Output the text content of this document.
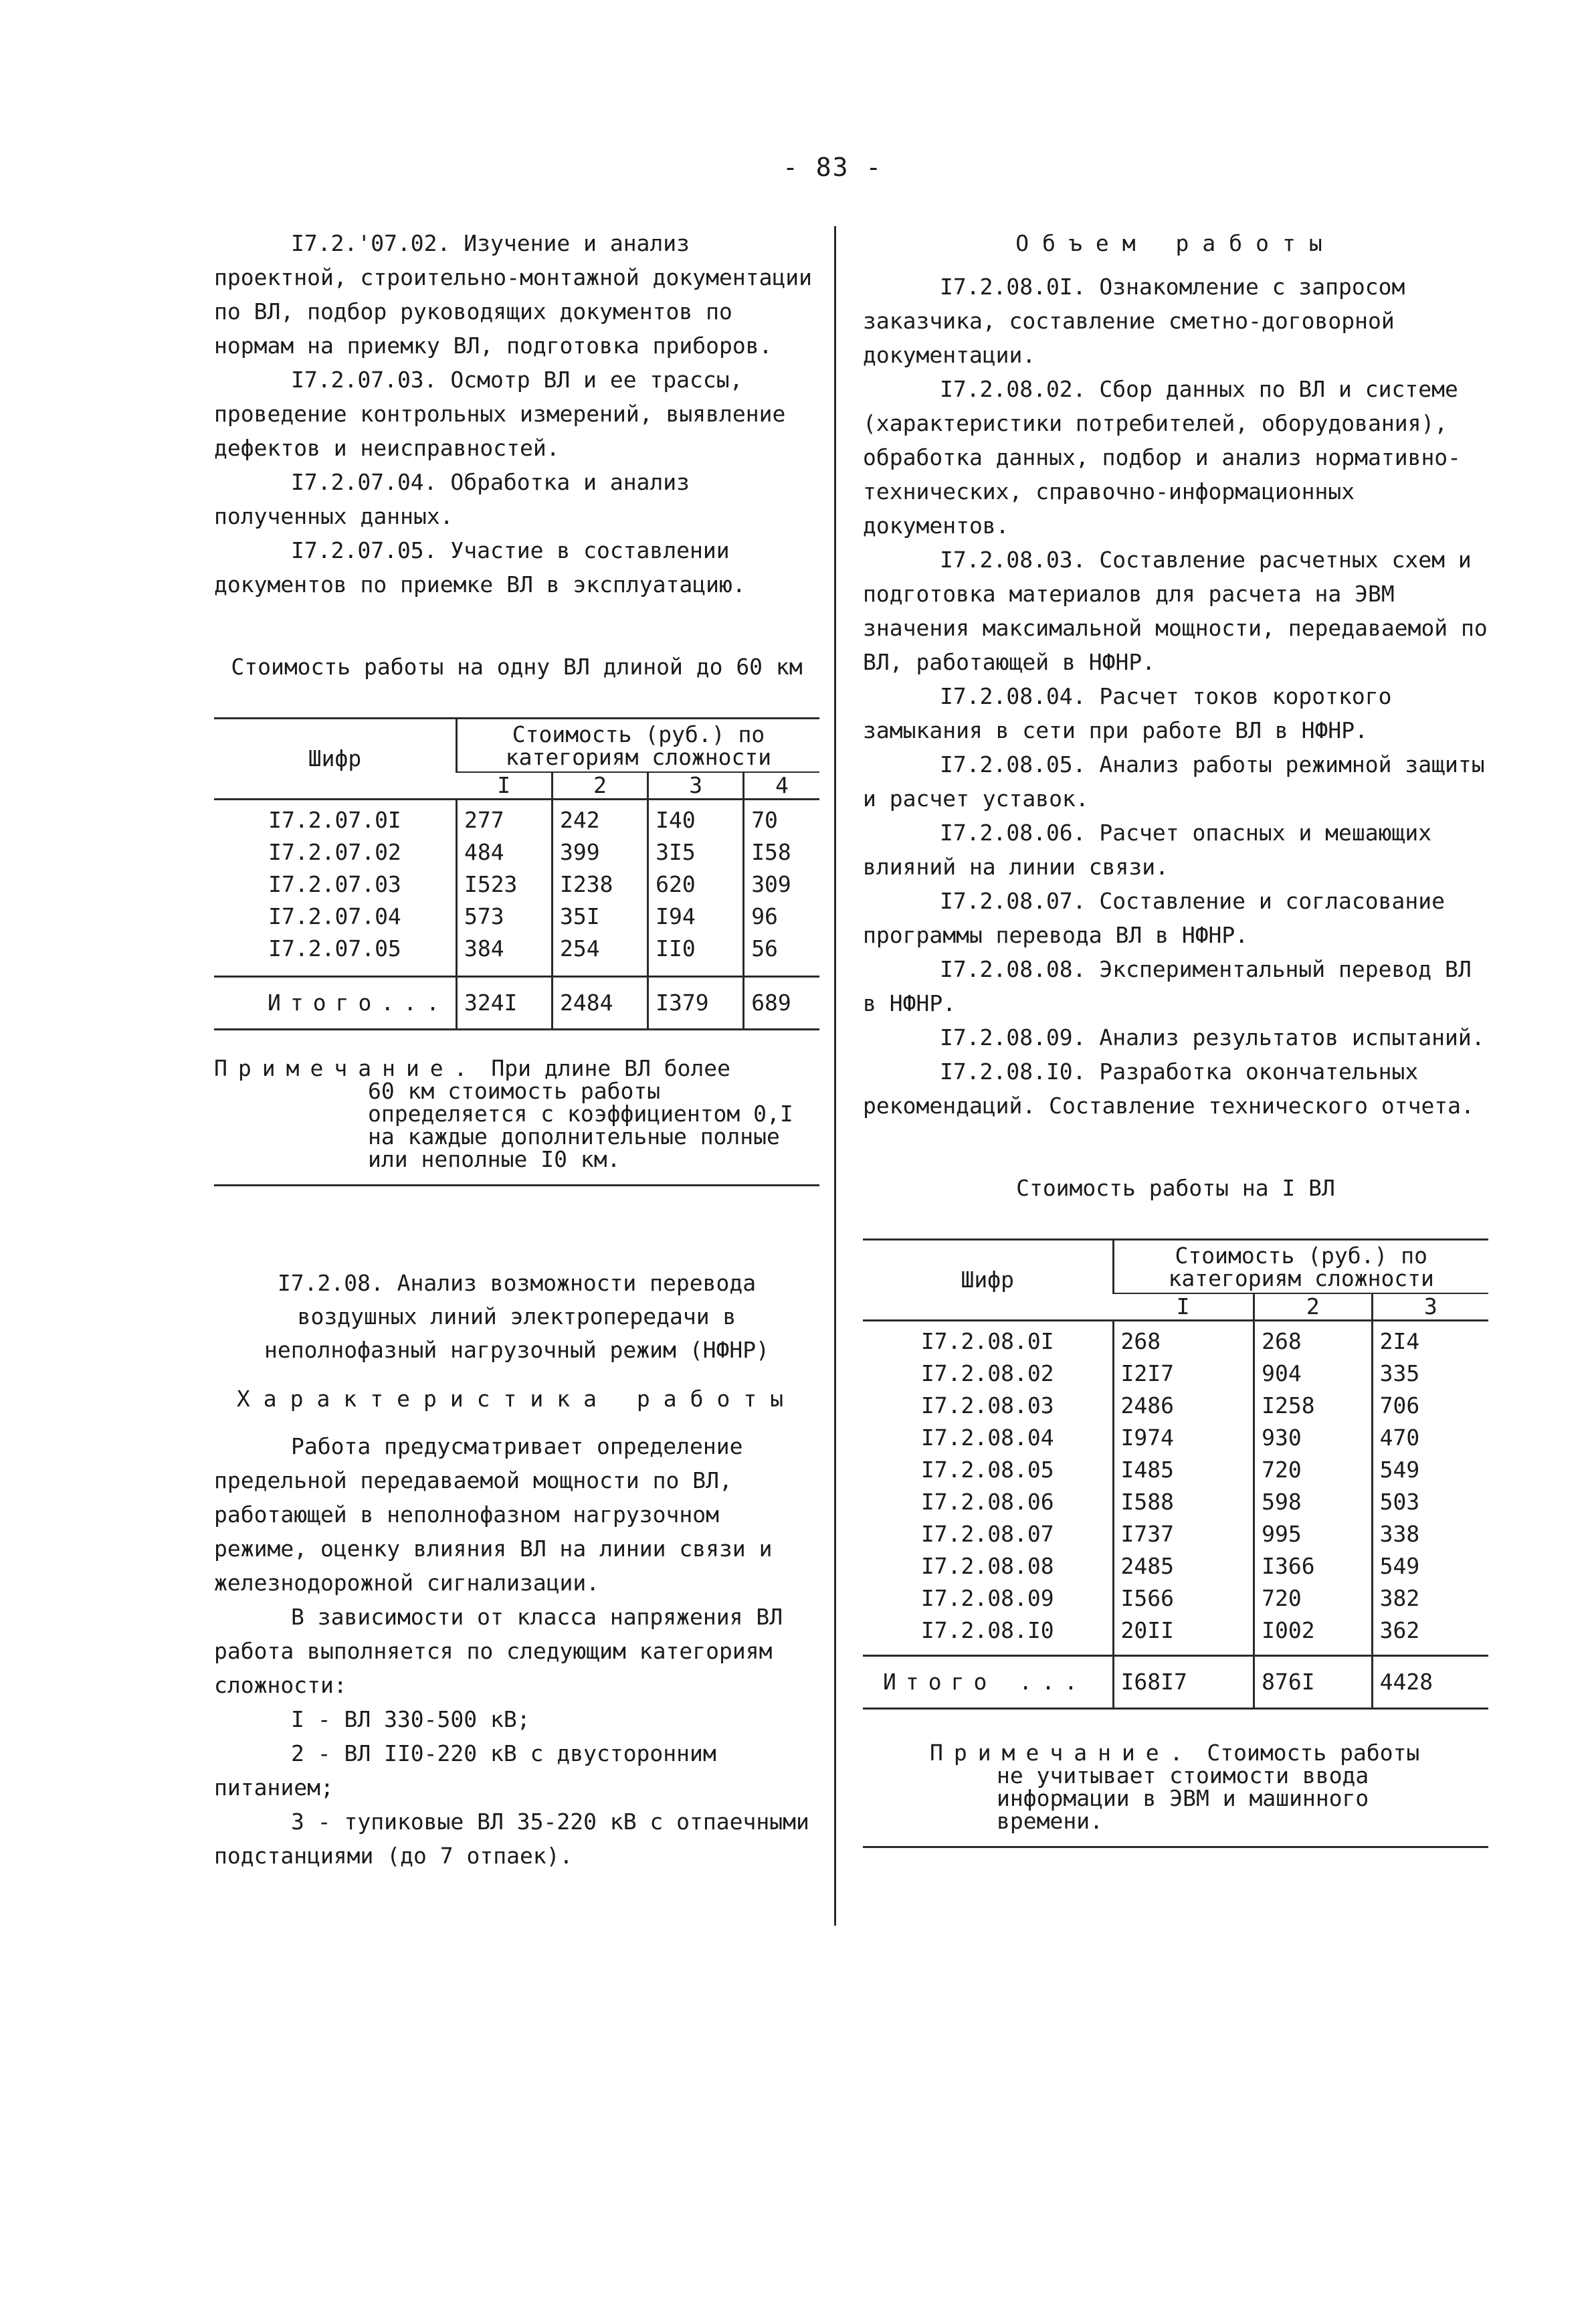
- 83 -

I7.2.'07.02. Изучение и анализ проектной, строительно-монтажной документации по ВЛ, подбор руководящих документов по нормам на приемку ВЛ, подготовка приборов.

I7.2.07.03. Осмотр ВЛ и ее трассы, проведение контрольных измерений, выявление дефектов и неисправностей.

I7.2.07.04. Обработка и анализ полученных данных.

I7.2.07.05. Участие в составлении документов по приемке ВЛ в эксплуатацию.

Стоимость работы на одну ВЛ длиной до 60 км

Шифр	Стоимость (руб.) по категориям сложности			
	I	2	3	4
I7.2.07.0I	277	242	I40	70
I7.2.07.02	484	399	3I5	I58
I7.2.07.03	I523	I238	620	309
I7.2.07.04	573	35I	I94	96
I7.2.07.05	384	254	II0	56
Итого...	324I	2484	I379	689
Примечание. При длине ВЛ более
60 км стоимость работы определяется с коэффициентом 0,I на каждые дополнительные полные или неполные I0 км.

I7.2.08. Анализ возможности перевода воздушных линий электропередачи в неполнофазный нагрузочный режим (НФНР)

Характеристика работы

Работа предусматривает определение предельной передаваемой мощности по ВЛ, работающей в неполнофазном нагрузочном режиме, оценку влияния ВЛ на линии связи и железнодорожной сигнализации.

В зависимости от класса напряжения ВЛ работа выполняется по следующим категориям сложности:

I - ВЛ 330-500 кВ;

2 - ВЛ II0-220 кВ с двусторонним питанием;

3 - тупиковые ВЛ 35-220 кВ с отпаечными подстанциями (до 7 отпаек).

Объем работы

I7.2.08.0I. Ознакомление с запросом заказчика, составление сметно-договорной документации.

I7.2.08.02. Сбор данных по ВЛ и системе (характеристики потребителей, оборудования), обработка данных, подбор и анализ нормативно-технических, справочно-информационных документов.

I7.2.08.03. Составление расчетных схем и подготовка материалов для расчета на ЭВМ значения максимальной мощности, передаваемой по ВЛ, работающей в НФНР.

I7.2.08.04. Расчет токов короткого замыкания в сети при работе ВЛ в НФНР.

I7.2.08.05. Анализ работы режимной защиты и расчет уставок.

I7.2.08.06. Расчет опасных и мешающих влияний на линии связи.

I7.2.08.07. Составление и согласование программы перевода ВЛ в НФНР.

I7.2.08.08. Экспериментальный перевод ВЛ в НФНР.

I7.2.08.09. Анализ результатов испытаний.

I7.2.08.I0. Разработка окончательных рекомендаций. Составление технического отчета.

Стоимость работы на I ВЛ

Шифр	Стоимость (руб.) по категориям сложности		
	I	2	3
I7.2.08.0I	268	268	2I4
I7.2.08.02	I2I7	904	335
I7.2.08.03	2486	I258	706
I7.2.08.04	I974	930	470
I7.2.08.05	I485	720	549
I7.2.08.06	I588	598	503
I7.2.08.07	I737	995	338
I7.2.08.08	2485	I366	549
I7.2.08.09	I566	720	382
I7.2.08.I0	20II	I002	362
Итого ...	I68I7	876I	4428
Примечание. Стоимость работы
не учитывает стоимости ввода информации в ЭВМ и машинного времени.
